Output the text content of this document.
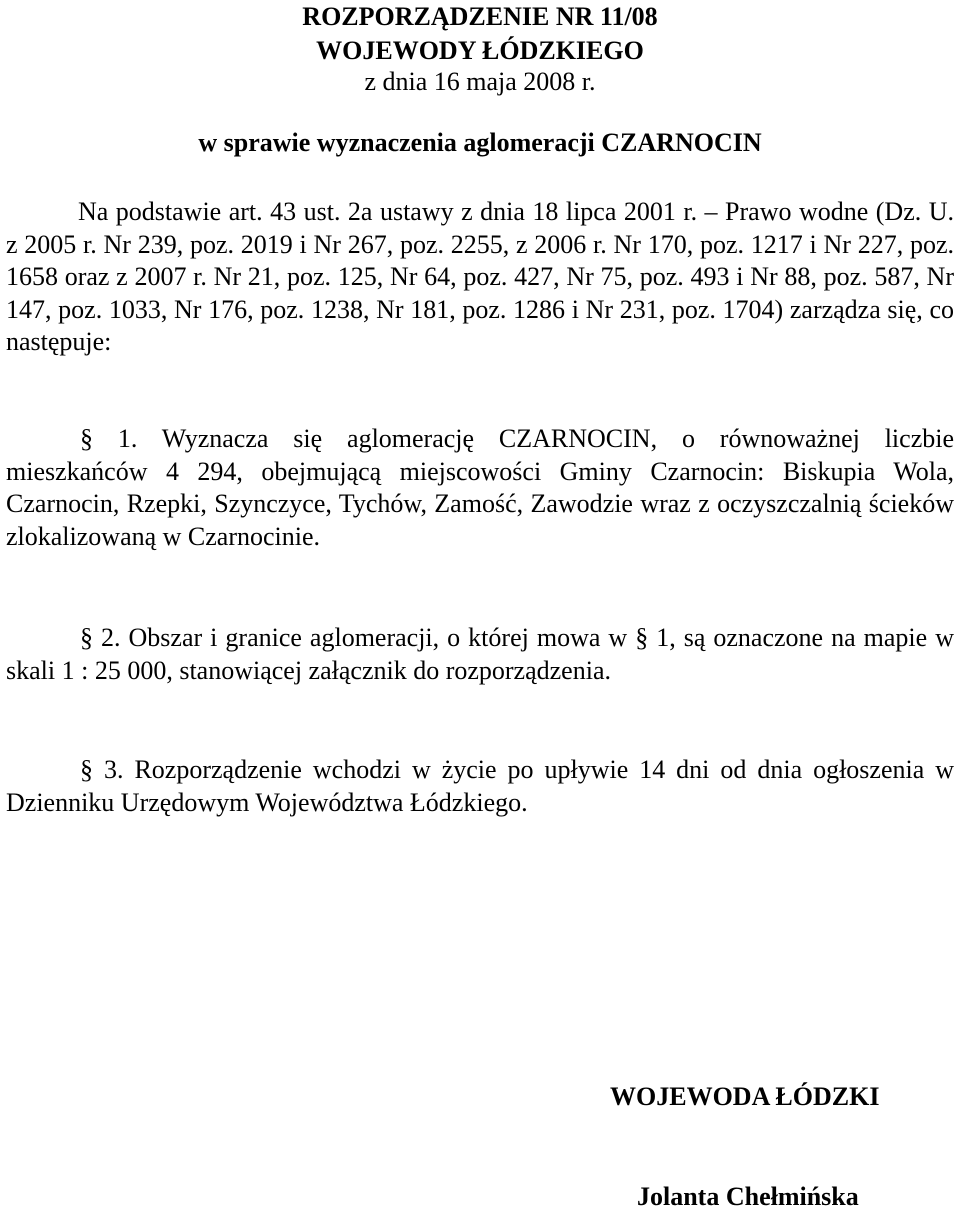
ROZPORZĄDZENIE NR 11/08
WOJEWODY ŁÓDZKIEGO
z dnia 16 maja 2008 r.
w sprawie wyznaczenia aglomeracji CZARNOCIN
Na podstawie art. 43 ust. 2a ustawy z dnia 18 lipca 2001 r. – Prawo wodne (Dz. U. z 2005 r. Nr 239, poz. 2019 i Nr 267, poz. 2255, z 2006 r. Nr 170, poz. 1217 i Nr 227, poz. 1658 oraz z 2007 r. Nr 21, poz. 125, Nr 64, poz. 427, Nr 75, poz. 493 i Nr 88, poz. 587, Nr 147, poz. 1033, Nr 176, poz. 1238, Nr 181, poz. 1286 i Nr 231, poz. 1704) zarządza się, co następuje:
§ 1. Wyznacza się aglomerację CZARNOCIN, o równoważnej liczbie mieszkańców 4 294, obejmującą miejscowości Gminy Czarnocin: Biskupia Wola, Czarnocin, Rzepki, Szynczyce, Tychów, Zamość, Zawodzie wraz z oczyszczalnią ścieków zlokalizowaną w Czarnocinie.
§ 2. Obszar i granice aglomeracji, o której mowa w § 1, są oznaczone na mapie w skali 1 : 25 000, stanowiącej załącznik do rozporządzenia.
§ 3. Rozporządzenie wchodzi w życie po upływie 14 dni od dnia ogłoszenia w Dzienniku Urzędowym Województwa Łódzkiego.
WOJEWODA ŁÓDZKI
Jolanta Chełmińska
